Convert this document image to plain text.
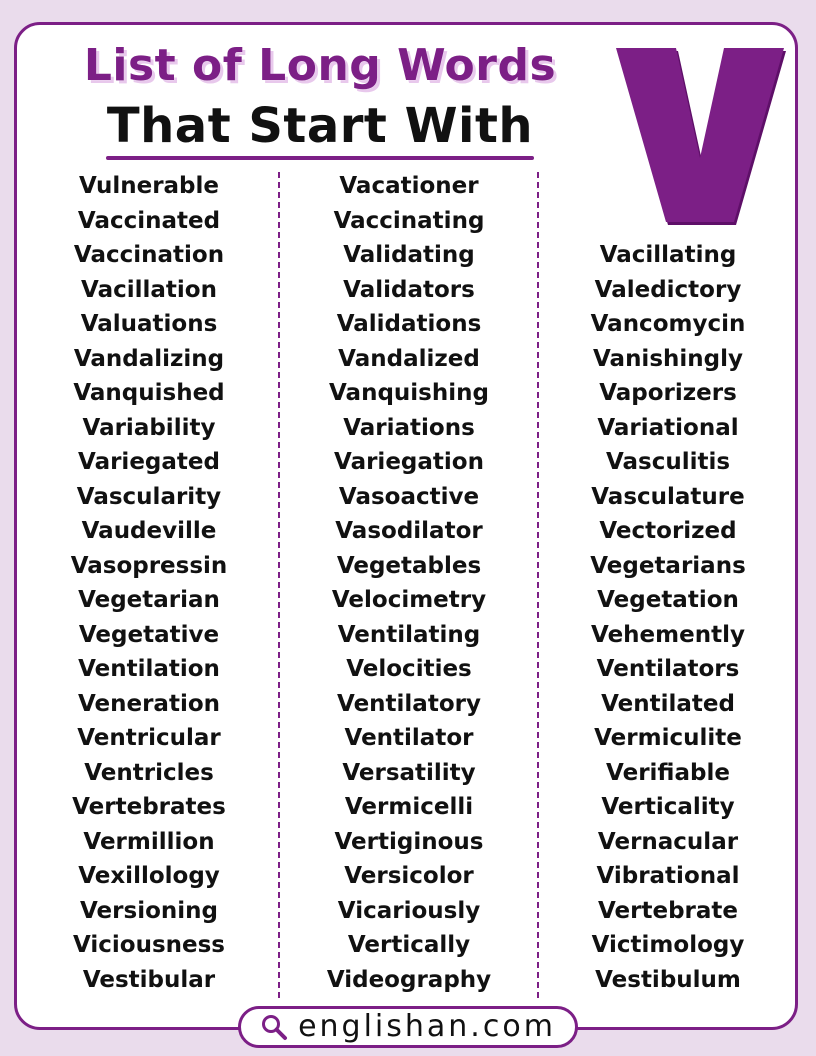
List of Long Words
That Start With
Vulnerable
Vaccinated
Vaccination
Vacillation
Valuations
Vandalizing
Vanquished
Variability
Variegated
Vascularity
Vaudeville
Vasopressin
Vegetarian
Vegetative
Ventilation
Veneration
Ventricular
Ventricles
Vertebrates
Vermillion
Vexillology
Versioning
Viciousness
Vestibular
Vacationer
Vaccinating
Validating
Validators
Validations
Vandalized
Vanquishing
Variations
Variegation
Vasoactive
Vasodilator
Vegetables
Velocimetry
Ventilating
Velocities
Ventilatory
Ventilator
Versatility
Vermicelli
Vertiginous
Versicolor
Vicariously
Vertically
Videography
Vacillating
Valedictory
Vancomycin
Vanishingly
Vaporizers
Variational
Vasculitis
Vasculature
Vectorized
Vegetarians
Vegetation
Vehemently
Ventilators
Ventilated
Vermiculite
Verifiable
Verticality
Vernacular
Vibrational
Vertebrate
Victimology
Vestibulum
englishan.com
